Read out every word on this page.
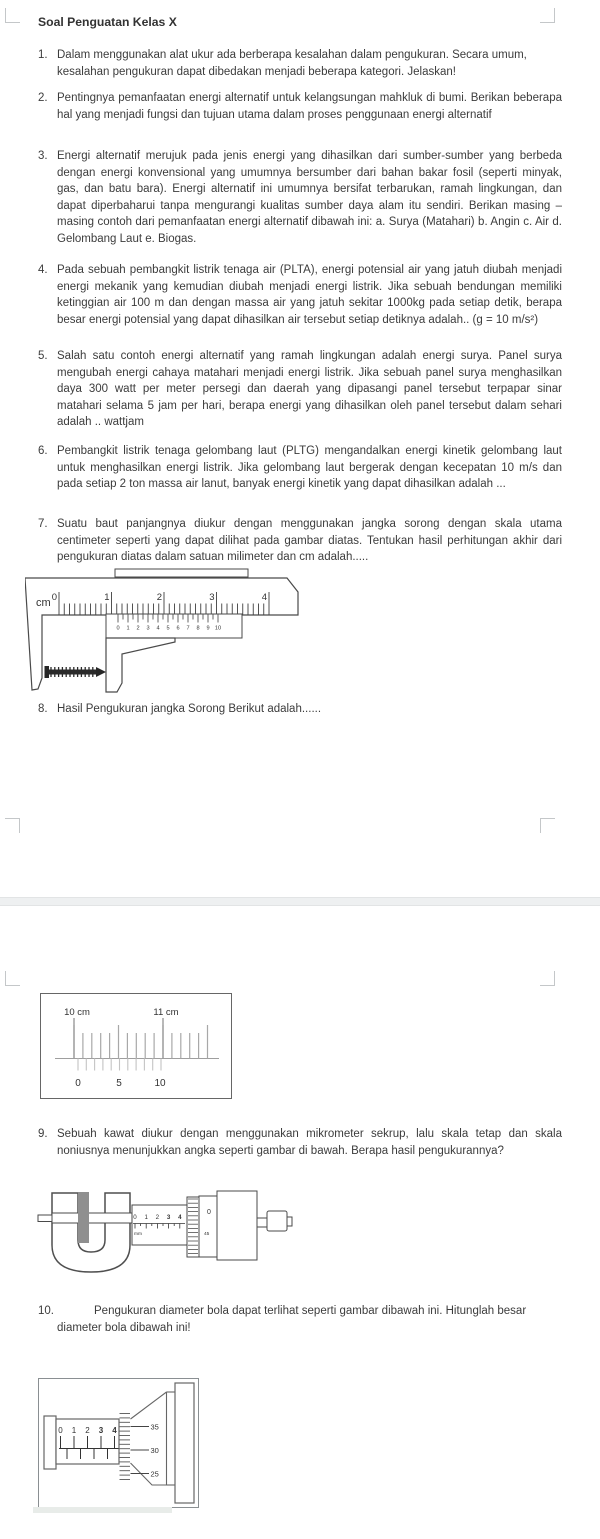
Soal Penguatan Kelas X
1. Dalam menggunakan alat ukur ada berberapa kesalahan dalam pengukuran. Secara umum, kesalahan pengukuran dapat dibedakan menjadi beberapa kategori. Jelaskan!

2. Pentingnya pemanfaatan energi alternatif untuk kelangsungan mahkluk di bumi. Berikan beberapa hal yang menjadi fungsi dan tujuan utama dalam proses penggunaan energi alternatif

3. Energi alternatif merujuk pada jenis energi yang dihasilkan dari sumber-sumber yang berbeda dengan energi konvensional yang umumnya bersumber dari bahan bakar fosil (seperti minyak, gas, dan batu bara). Energi alternatif ini umumnya bersifat terbarukan, ramah lingkungan, dan dapat diperbaharui tanpa mengurangi kualitas sumber daya alam itu sendiri. Berikan masing – masing contoh dari pemanfaatan energi alternatif dibawah ini: a. Surya (Matahari) b. Angin c. Air d. Gelombang Laut e. Biogas.

4. Pada sebuah pembangkit listrik tenaga air (PLTA), energi potensial air yang jatuh diubah menjadi energi mekanik yang kemudian diubah menjadi energi listrik. Jika sebuah bendungan memiliki ketinggian air 100 m dan dengan massa air yang jatuh sekitar 1000kg pada setiap detik, berapa besar energi potensial yang dapat dihasilkan air tersebut setiap detiknya adalah.. (g = 10 m/s²)

5. Salah satu contoh energi alternatif yang ramah lingkungan adalah energi surya. Panel surya mengubah energi cahaya matahari menjadi energi listrik. Jika sebuah panel surya menghasilkan daya 300 watt per meter persegi dan daerah yang dipasangi panel tersebut terpapar sinar matahari selama 5 jam per hari, berapa energi yang dihasilkan oleh panel tersebut dalam sehari adalah .. wattjam

6. Pembangkit listrik tenaga gelombang laut (PLTG) mengandalkan energi kinetik gelombang laut untuk menghasilkan energi listrik. Jika gelombang laut bergerak dengan kecepatan 10 m/s dan pada setiap 2 ton massa air lanut, banyak energi kinetik yang dapat dihasilkan adalah ...

7. Suatu baut panjangnya diukur dengan menggunakan jangka sorong dengan skala utama centimeter seperti yang dapat dilihat pada gambar diatas. Tentukan hasil perhitungan akhir dari pengukuran diatas dalam satuan milimeter dan cm adalah.....

cm 0	1	2	3	4
0 1 2 3 4 5 6 7 8 9 10
8. Hasil Pengukuran jangka Sorong Berikut adalah......

10 cm	11 cm
0	5	10
9. Sebuah kawat diukur dengan menggunakan mikrometer sekrup, lalu skala tetap dan skala noniusnya menunjukkan angka seperti gambar di bawah. Berapa hasil pengukurannya?

0 1 2 3 4
mm
0
45
10.	Pengukuran diameter bola dapat terlihat seperti gambar dibawah ini. Hitunglah besar diameter bola dibawah ini!

0 1 2 3 4	35
30
25
